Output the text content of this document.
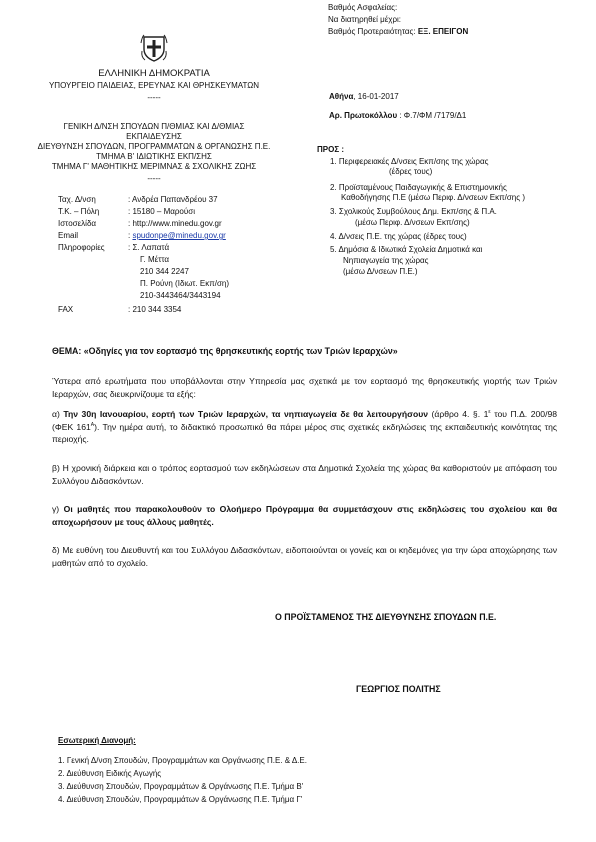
Βαθμός Ασφαλείας:
Να διατηρηθεί μέχρι:
Βαθμός Προτεραιότητας: ΕΞ. ΕΠΕΙΓΟΝ
ΕΛΛΗΝΙΚΗ ΔΗΜΟΚΡΑΤΙΑ
ΥΠΟΥΡΓΕΙΟ ΠΑΙΔΕΙΑΣ, ΕΡΕΥΝΑΣ ΚΑΙ ΘΡΗΣΚΕΥΜΑΤΩΝ
-----
ΓΕΝΙΚΗ Δ/ΝΣΗ ΣΠΟΥΔΩΝ Π/ΘΜΙΑΣ ΚΑΙ Δ/ΘΜΙΑΣ
ΕΚΠΑΙΔΕΥΣΗΣ
ΔΙΕΥΘΥΝΣΗ ΣΠΟΥΔΩΝ, ΠΡΟΓΡΑΜΜΑΤΩΝ & ΟΡΓΑΝΩΣΗΣ Π.Ε.
ΤΜΗΜΑ Β' ΙΔΙΩΤΙΚΗΣ ΕΚΠ/ΣΗΣ
ΤΜΗΜΑ Γ' ΜΑΘΗΤΙΚΗΣ ΜΕΡΙΜΝΑΣ & ΣΧΟΛΙΚΗΣ ΖΩΗΣ
-----
Αθήνα, 16-01-2017
Αρ. Πρωτοκόλλου : Φ.7/ΦΜ /7179/Δ1
Ταχ. Δ/νση	: Ανδρέα Παπανδρέου 37
Τ.Κ. – Πόλη	: 15180 – Μαρούσι
Ιστοσελίδα	: http://www.minedu.gov.gr
Email	: spudonpe@minedu.gov.gr
Πληροφορίες	: Σ. Λαπατά
Γ. Μέττα
210 344 2247
Π. Ρούνη (Ιδιωτ. Εκπ/ση)
210-3443464/3443194
FAX	: 210 344 3354
ΠΡΟΣ :
1. Περιφερειακές Δ/νσεις Εκπ/σης της χώρας
(έδρες τους)
2. Προϊσταμένους Παιδαγωγικής & Επιστημονικής
Καθοδήγησης Π.Ε (μέσω Περιφ. Δ/νσεων Εκπ/σης )
3. Σχολικούς Συμβούλους Δημ. Εκπ/σης & Π.Α.
(μέσω Περιφ. Δ/νσεων Εκπ/σης)
4. Δ/νσεις Π.Ε. της χώρας (έδρες τους)
5. Δημόσια & Ιδιωτικά Σχολεία Δημοτικά και
Νηπιαγωγεία της χώρας
(μέσω Δ/νσεων Π.Ε.)
ΘΕΜΑ: «Οδηγίες για τον εορτασμό της θρησκευτικής εορτής των Τριών Ιεραρχών»
Ύστερα από ερωτήματα που υποβάλλονται στην Υπηρεσία μας σχετικά με τον εορτασμό της θρησκευτικής γιορτής των Τριών Ιεραρχών, σας διευκρινίζουμε τα εξής:
α) Την 30η Ιανουαρίου, εορτή των Τριών Ιεραρχών, τα νηπιαγωγεία δε θα λειτουργήσουν (άρθρο 4. §. $1^\varepsilon$ του Π.Δ. 200/98 (ΦΕΚ $161^A$). Την ημέρα αυτή, το διδακτικό προσωπικό θα πάρει μέρος στις σχετικές εκδηλώσεις της εκπαιδευτικής κοινότητας της περιοχής.
β) Η χρονική διάρκεια και ο τρόπος εορτασμού των εκδηλώσεων στα Δημοτικά Σχολεία της χώρας θα καθοριστούν με απόφαση του Συλλόγου Διδασκόντων.
γ) Οι μαθητές που παρακολουθούν το Ολοήμερο Πρόγραμμα θα συμμετάσχουν στις εκδηλώσεις του σχολείου και θα αποχωρήσουν με τους άλλους μαθητές.
δ) Με ευθύνη του Διευθυντή και του Συλλόγου Διδασκόντων, ειδοποιούνται οι γονείς και οι κηδεμόνες για την ώρα αποχώρησης των μαθητών από το σχολείο.
Ο ΠΡΟΪΣΤΑΜΕΝΟΣ ΤΗΣ ΔΙΕΥΘΥΝΣΗΣ ΣΠΟΥΔΩΝ Π.Ε.
ΓΕΩΡΓΙΟΣ ΠΟΛΙΤΗΣ
Εσωτερική Διανομή:
1. Γενική Δ/νση Σπουδών, Προγραμμάτων και Οργάνωσης Π.Ε. & Δ.Ε.
2. Διεύθυνση Ειδικής Αγωγής
3. Διεύθυνση Σπουδών, Προγραμμάτων & Οργάνωσης Π.Ε. Τμήμα Β'
4. Διεύθυνση Σπουδών, Προγραμμάτων & Οργάνωσης Π.Ε. Τμήμα Γ'
